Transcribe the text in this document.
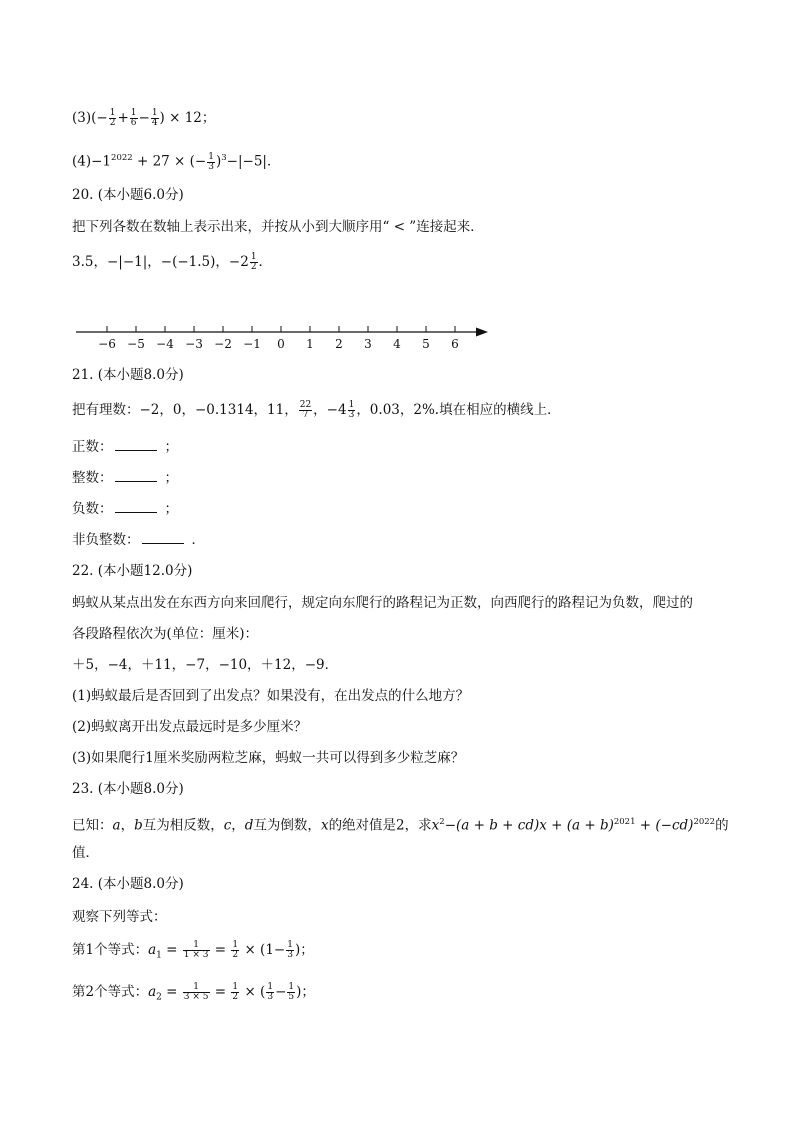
$(3)(- \frac{1}{2} + \frac{1}{6} - \frac{1}{4}$ ) × 12；
$(4)-1^{2022} + 27$ × (− $\frac{1}{3} )^3-|-5|$．
20. (本小题6.0分)
把下列各数在数轴上表示出来，并按从小到大顺序用“ < ”连接起来．
3.5，−|−1|，−(−1.5)，$-2 \frac{1}{2}$ ．
−6 −5 −4 −3 −2 −1 0 1 2 3 4 5 6
21. (本小题8.0分)
把有理数：−2，0，−0.1314，11， $\frac{22}{7}$ ，$-4 \frac{1}{3}$ ，0.03，2%.填在相应的横线上．
正数：	；
整数：	；
负数：	；
非负整数：	．
22. (本小题12.0分)
蚂蚁从某点出发在东西方向来回爬行，规定向东爬行的路程记为正数，向西爬行的路程记为负数，爬过的
各段路程依次为(单位：厘米)：
＋5，−4，＋11，−7，−10，＋12，−9．
(1)蚂蚁最后是否回到了出发点？如果没有，在出发点的什么地方？
(2)蚂蚁离开出发点最远时是多少厘米？
(3)如果爬行1厘米奖励两粒芝麻，蚂蚁一共可以得到多少粒芝麻？
23. (本小题8.0分)
已知：a，b互为相反数，c，d互为倒数，x的绝对值是2，求$x^2-(a + b + cd)x + (a + b)^{2021} + (-cd)^{2022}$的
值．
24. (本小题8.0分)
观察下列等式：
第1个等式：$a_1 = \frac{1}{1 \times 3} = \frac{1}{2} \times (1- \frac{1}{3}$ )；
第2个等式：$a_2 = \frac{1}{3 \times 5} = \frac{1}{2}$ × ( $\frac{1}{3} - \frac{1}{5}$ )；
